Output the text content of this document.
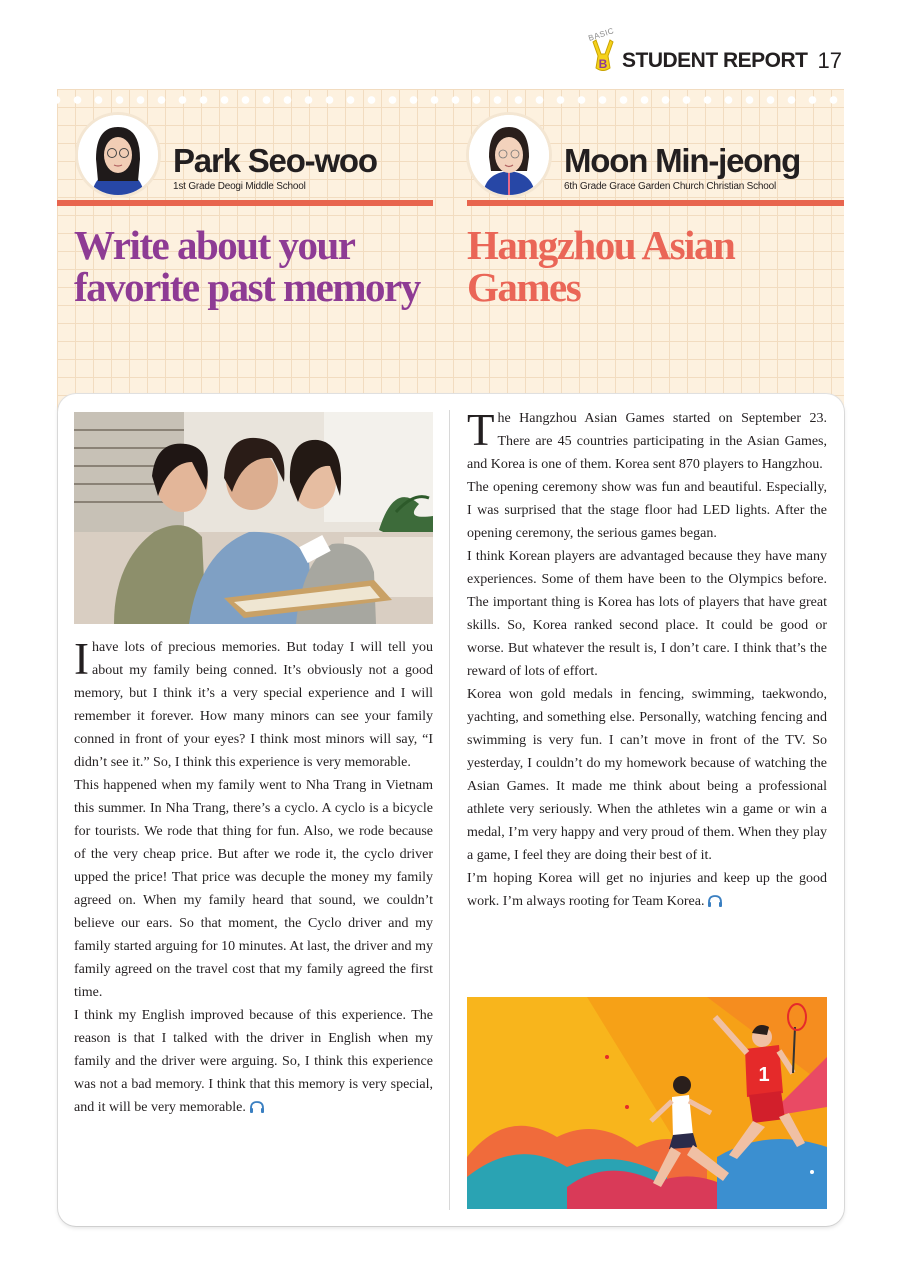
BASIC
B STUDENT REPORT 17
Park Seo-woo
1st Grade Deogi Middle School
Moon Min-jeong
6th Grade Grace Garden Church Christian School
Write about your
favorite past memory
Hangzhou Asian
Games

Ihave lots of precious memories. But today I will tell you about my family being conned. It’s obviously not a good memory, but I think it’s a very special experience and I will remember it forever. How many minors can see your family conned in front of your eyes? I think most minors will say, “I didn’t see it.” So, I think this experience is very memorable.

This happened when my family went to Nha Trang in Vietnam this summer. In Nha Trang, there’s a cyclo. A cyclo is a bicycle for tourists. We rode that thing for fun. Also, we rode because of the very cheap price. But after we rode it, the cyclo driver upped the price! That price was decuple the money my family agreed on. When my family heard that sound, we couldn’t believe our ears. So that moment, the Cyclo driver and my family started arguing for 10 minutes. At last, the driver and my family agreed on the travel cost that my family agreed the first time.

I think my English improved because of this experience. The reason is that I talked with the driver in English when my family and the driver were arguing. So, I think this experience was not a bad memory. I think that this memory is very special, and it will be very memorable.

The Hangzhou Asian Games started on September 23. There are 45 countries participating in the Asian Games, and Korea is one of them. Korea sent 870 players to Hangzhou.

The opening ceremony show was fun and beautiful. Especially, I was surprised that the stage floor had LED lights. After the opening ceremony, the serious games began.

I think Korean players are advantaged because they have many experiences. Some of them have been to the Olympics before. The important thing is Korea has lots of players that have great skills. So, Korea ranked second place. It could be good or worse. But whatever the result is, I don’t care. I think that’s the reward of lots of effort.

Korea won gold medals in fencing, swimming, taekwondo, yachting, and something else. Personally, watching fencing and swimming is very fun. I can’t move in front of the TV. So yesterday, I couldn’t do my homework because of watching the Asian Games. It made me think about being a professional athlete very seriously. When the athletes win a game or win a medal, I’m very happy and very proud of them. When they play a game, I feel they are doing their best of it.

I’m hoping Korea will get no injuries and keep up the good work. I’m always rooting for Team Korea.

1
